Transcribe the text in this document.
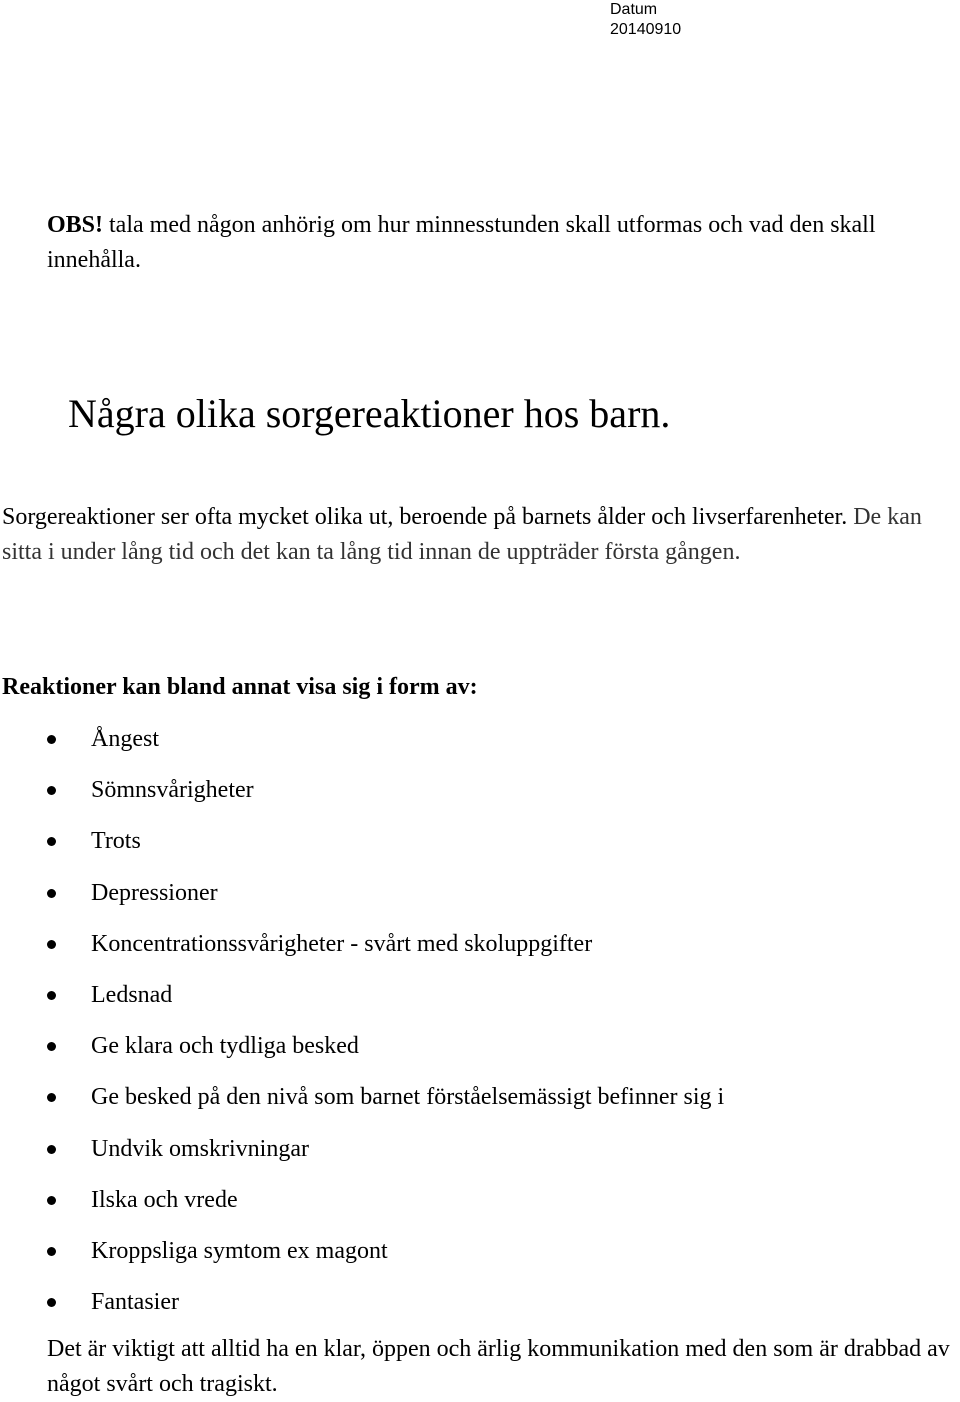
Datum
20140910
OBS! tala med någon anhörig om hur minnesstunden skall utformas och vad den skall innehålla.
Några olika sorgereaktioner hos barn.
Sorgereaktioner ser ofta mycket olika ut, beroende på barnets ålder och livserfarenheter. De kan sitta i under lång tid och det kan ta lång tid innan de uppträder första gången.
Reaktioner kan bland annat visa sig i form av:
Ångest
Sömnsvårigheter
Trots
Depressioner
Koncentrationssvårigheter - svårt med skoluppgifter
Ledsnad
Ge klara och tydliga besked
Ge besked på den nivå som barnet förståelsemässigt befinner sig i
Undvik omskrivningar
Ilska och vrede
Kroppsliga symtom ex magont
Fantasier
Det är viktigt att alltid ha en klar, öppen och ärlig kommunikation med den som är drabbad av något svårt och tragiskt.
